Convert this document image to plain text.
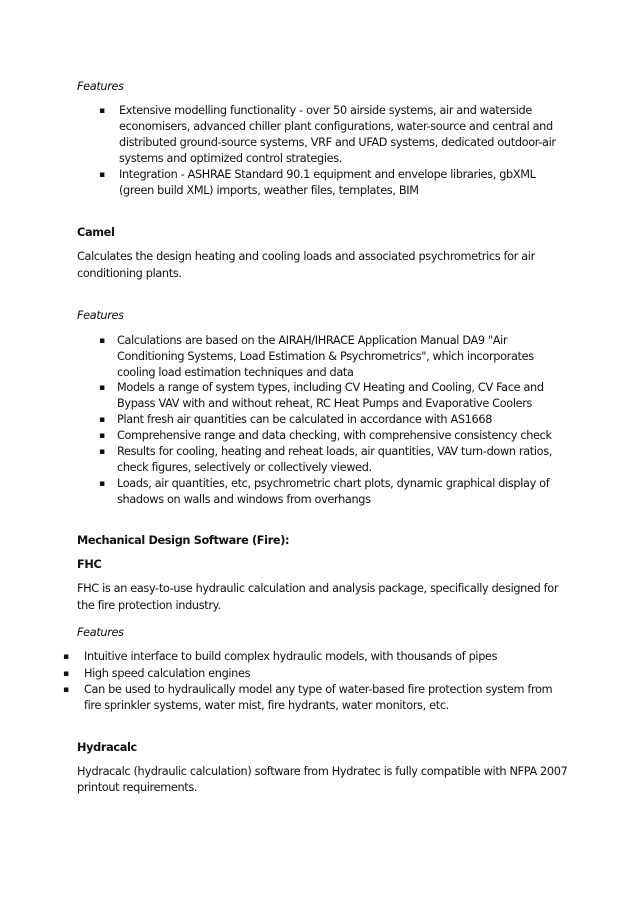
Features
▪ Extensive modelling functionality - over 50 airside systems, air and waterside
economisers, advanced chiller plant configurations, water-source and central and
distributed ground-source systems, VRF and UFAD systems, dedicated outdoor-air
systems and optimized control strategies.
▪ Integration - ASHRAE Standard 90.1 equipment and envelope libraries, gbXML
(green build XML) imports, weather files, templates, BIM
Camel
Calculates the design heating and cooling loads and associated psychrometrics for air
conditioning plants.
Features
▪ Calculations are based on the AIRAH/IHRACE Application Manual DA9 "Air
Conditioning Systems, Load Estimation & Psychrometrics", which incorporates
cooling load estimation techniques and data
▪ Models a range of system types, including CV Heating and Cooling, CV Face and
Bypass VAV with and without reheat, RC Heat Pumps and Evaporative Coolers
▪ Plant fresh air quantities can be calculated in accordance with AS1668
▪ Comprehensive range and data checking, with comprehensive consistency check
▪ Results for cooling, heating and reheat loads, air quantities, VAV turn-down ratios,
check figures, selectively or collectively viewed.
▪ Loads, air quantities, etc, psychrometric chart plots, dynamic graphical display of
shadows on walls and windows from overhangs
Mechanical Design Software (Fire):
FHC
FHC is an easy-to-use hydraulic calculation and analysis package, specifically designed for
the fire protection industry.
Features
▪ Intuitive interface to build complex hydraulic models, with thousands of pipes
▪ High speed calculation engines
▪ Can be used to hydraulically model any type of water-based fire protection system from
fire sprinkler systems, water mist, fire hydrants, water monitors, etc.
Hydracalc
Hydracalc (hydraulic calculation) software from Hydratec is fully compatible with NFPA 2007
printout requirements.
